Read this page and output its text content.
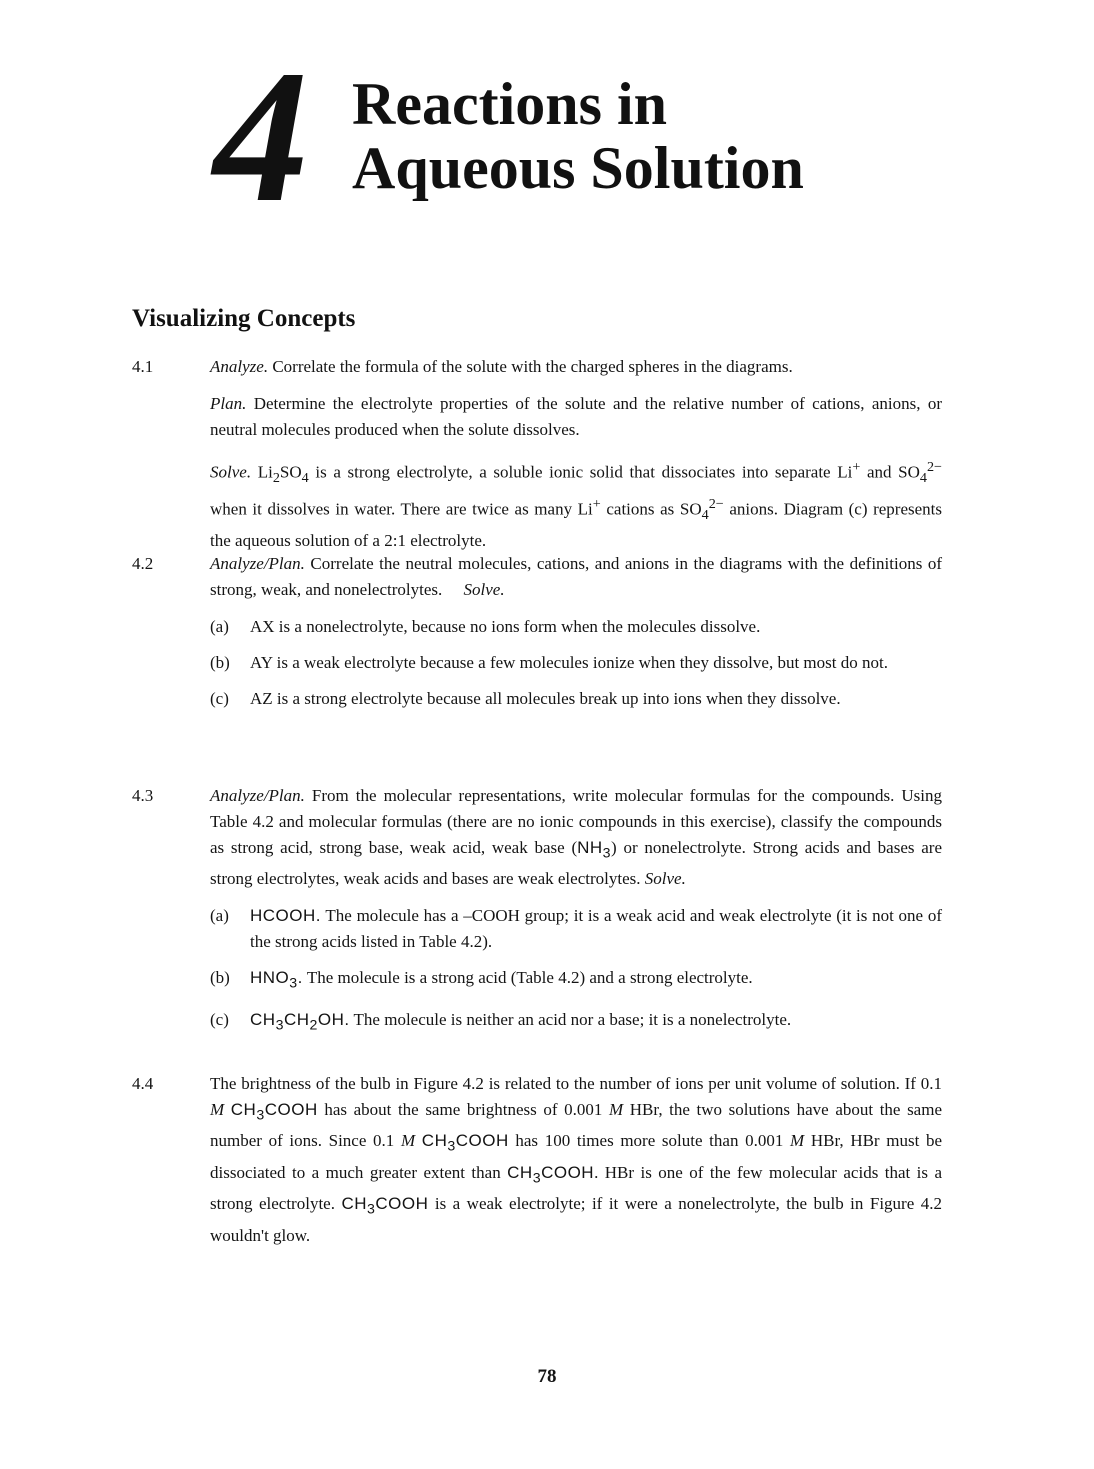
4 Reactions in
Aqueous Solution
Visualizing Concepts
4.1	Analyze. Correlate the formula of the solute with the charged spheres in the diagrams.

Plan. Determine the electrolyte properties of the solute and the relative number of cations, anions, or neutral molecules produced when the solute dissolves.

Solve. $Li_2SO_4$ is a strong electrolyte, a soluble ionic solid that dissociates into separate Li+ and $SO_4^{2-}$ when it dissolves in water. There are twice as many Li+ cations as $SO_4^{2-}$ anions. Diagram (c) represents the aqueous solution of a 2:1 electrolyte.

4.2	Analyze/Plan. Correlate the neutral molecules, cations, and anions in the diagrams with the definitions of strong, weak, and nonelectrolytes. Solve.

(a) AX is a nonelectrolyte, because no ions form when the molecules dissolve.
(b) AY is a weak electrolyte because a few molecules ionize when they dissolve, but most do not.
(c) AZ is a strong electrolyte because all molecules break up into ions when they dissolve.
4.3	Analyze/Plan. From the molecular representations, write molecular formulas for the compounds. Using Table 4.2 and molecular formulas (there are no ionic compounds in this exercise), classify the compounds as strong acid, strong base, weak acid, weak base $(NH_3)$ or nonelectrolyte. Strong acids and bases are strong electrolytes, weak acids and bases are weak electrolytes. Solve.

(a) HCOOH. The molecule has a –COOH group; it is a weak acid and weak electrolyte (it is not one of the strong acids listed in Table 4.2).
(b) $HNO_3$. The molecule is a strong acid (Table 4.2) and a strong electrolyte.
(c) $CH_3CH_2OH$. The molecule is neither an acid nor a base; it is a nonelectrolyte.
4.4	The brightness of the bulb in Figure 4.2 is related to the number of ions per unit volume of solution. If 0.1 M $CH_3COOH$ has about the same brightness of 0.001 M HBr, the two solutions have about the same number of ions. Since 0.1 M $CH_3COOH$ has 100 times more solute than 0.001 M HBr, HBr must be dissociated to a much greater extent than $CH_3COOH$. HBr is one of the few molecular acids that is a strong electrolyte. $CH_3COOH$ is a weak electrolyte; if it were a nonelectrolyte, the bulb in Figure 4.2 wouldn't glow.

78
